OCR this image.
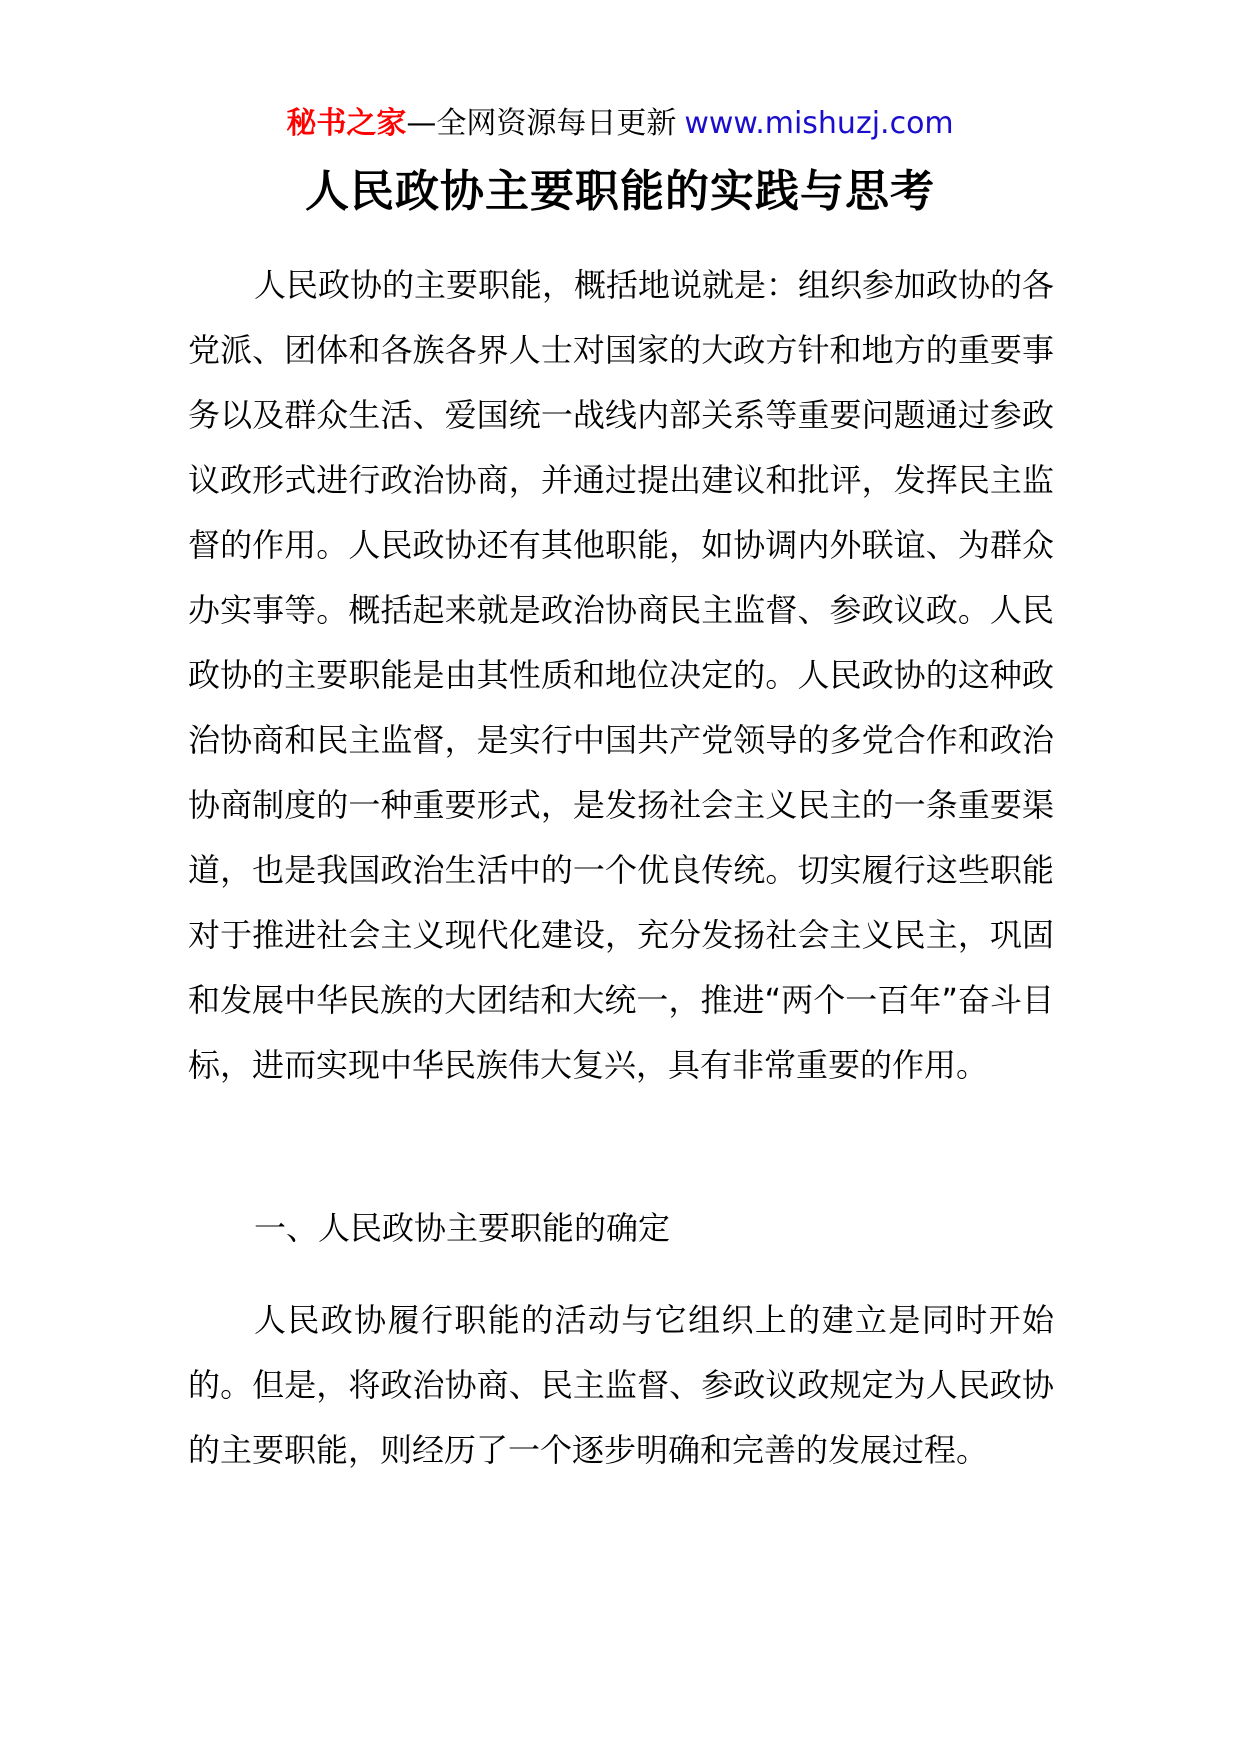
秘书之家—全网资源每日更新 www.mishuzj.com
人民政协主要职能的实践与思考

人民政协的主要职能，概括地说就是：组织参加政协的各党派、团体和各族各界人士对国家的大政方针和地方的重要事务以及群众生活、爱国统一战线内部关系等重要问题通过参政议政形式进行政治协商，并通过提出建议和批评，发挥民主监督的作用。人民政协还有其他职能，如协调内外联谊、为群众办实事等。概括起来就是政治协商民主监督、参政议政。人民政协的主要职能是由其性质和地位决定的。人民政协的这种政治协商和民主监督，是实行中国共产党领导的多党合作和政治协商制度的一种重要形式，是发扬社会主义民主的一条重要渠道，也是我国政治生活中的一个优良传统。切实履行这些职能对于推进社会主义现代化建设，充分发扬社会主义民主，巩固和发展中华民族的大团结和大统一，推进“两个一百年”奋斗目标，进而实现中华民族伟大复兴，具有非常重要的作用。

一、人民政协主要职能的确定

人民政协履行职能的活动与它组织上的建立是同时开始的。但是，将政治协商、民主监督、参政议政规定为人民政协的主要职能，则经历了一个逐步明确和完善的发展过程。
